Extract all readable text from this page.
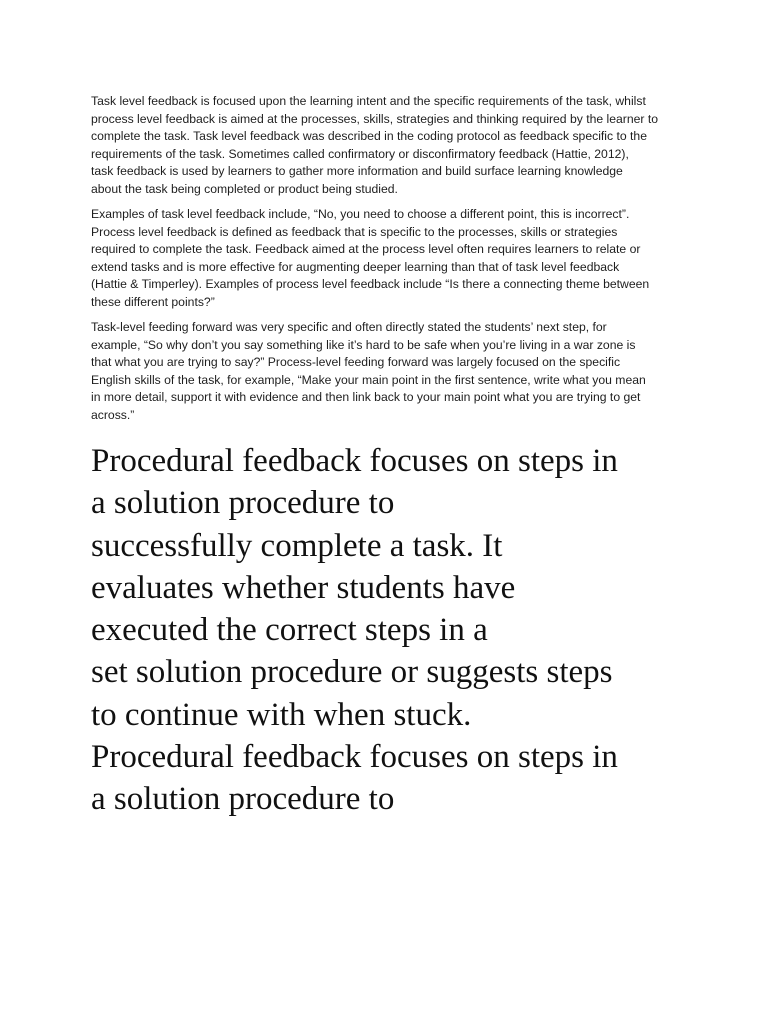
Task level feedback is focused upon the learning intent and the specific requirements of the task, whilst
process level feedback is aimed at the processes, skills, strategies and thinking required by the learner to
complete the task. Task level feedback was described in the coding protocol as feedback specific to the
requirements of the task. Sometimes called confirmatory or disconfirmatory feedback (Hattie, 2012),
task feedback is used by learners to gather more information and build surface learning knowledge
about the task being completed or product being studied.

Examples of task level feedback include, “No, you need to choose a different point, this is incorrect”.
Process level feedback is defined as feedback that is specific to the processes, skills or strategies
required to complete the task. Feedback aimed at the process level often requires learners to relate or
extend tasks and is more effective for augmenting deeper learning than that of task level feedback
(Hattie & Timperley). Examples of process level feedback include “Is there a connecting theme between
these different points?”

Task-level feeding forward was very specific and often directly stated the students’ next step, for
example, “So why don’t you say something like it’s hard to be safe when you’re living in a war zone is
that what you are trying to say?” Process-level feeding forward was largely focused on the specific
English skills of the task, for example, “Make your main point in the first sentence, write what you mean
in more detail, support it with evidence and then link back to your main point what you are trying to get
across.”

Procedural feedback focuses on steps in
a solution procedure to
successfully complete a task. It
evaluates whether students have
executed the correct steps in a
set solution procedure or suggests steps
to continue with when stuck.
Procedural feedback focuses on steps in
a solution procedure to
